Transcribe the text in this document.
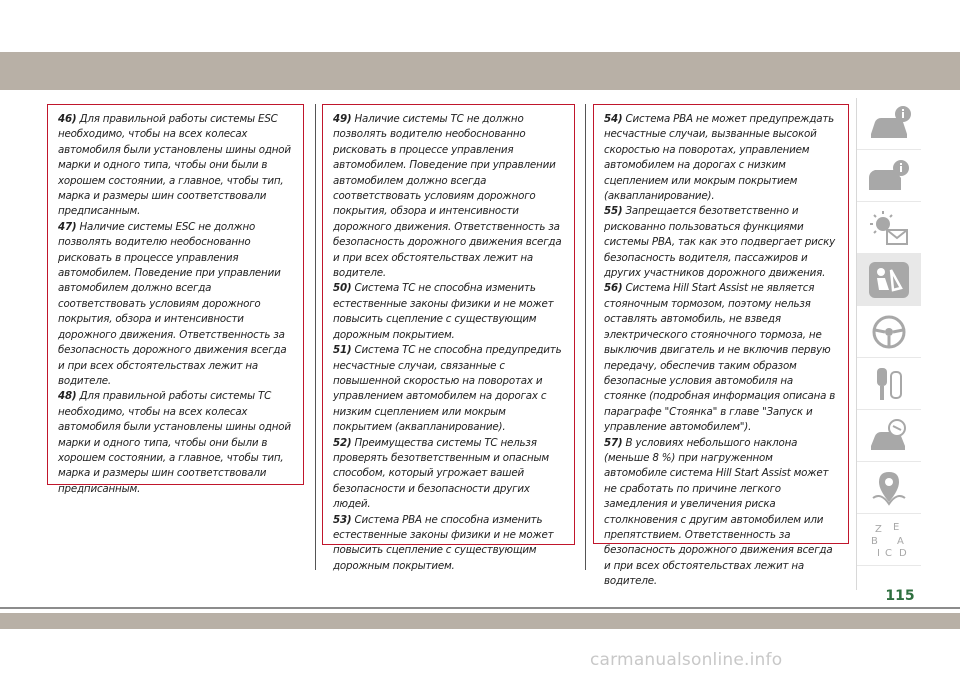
46) Для правильной работы системы ESC необходимо, чтобы на всех колесах автомобиля были установлены шины одной марки и одного типа, чтобы они были в хорошем состоянии, а главное, чтобы тип, марка и размеры шин соответствовали предписанным.

47) Наличие системы ESC не должно позволять водителю необоснованно рисковать в процессе управления автомобилем. Поведение при управлении автомобилем должно всегда соответствовать условиям дорожного покрытия, обзора и интенсивности дорожного движения. Ответственность за безопасность дорожного движения всегда и при всех обстоятельствах лежит на водителе.

48) Для правильной работы системы TC необходимо, чтобы на всех колесах автомобиля были установлены шины одной марки и одного типа, чтобы они были в хорошем состоянии, а главное, чтобы тип, марка и размеры шин соответствовали предписанным.

49) Наличие системы TC не должно позволять водителю необоснованно рисковать в процессе управления автомобилем. Поведение при управлении автомобилем должно всегда соответствовать условиям дорожного покрытия, обзора и интенсивности дорожного движения. Ответственность за безопасность дорожного движения всегда и при всех обстоятельствах лежит на водителе.

50) Система TC не способна изменить естественные законы физики и не может повысить сцепление с существующим дорожным покрытием.

51) Система TC не способна предупредить несчастные случаи, связанные с повышенной скоростью на поворотах и управлением автомобилем на дорогах с низким сцеплением или мокрым покрытием (аквапланирование).

52) Преимущества системы TC нельзя проверять безответственным и опасным способом, который угрожает вашей безопасности и безопасности других людей.

53) Система PBA не способна изменить естественные законы физики и не может повысить сцепление с существующим дорожным покрытием.

54) Система PBA не может предупреждать несчастные случаи, вызванные высокой скоростью на поворотах, управлением автомобилем на дорогах с низким сцеплением или мокрым покрытием (аквапланирование).

55) Запрещается безответственно и рискованно пользоваться функциями системы PBA, так как это подвергает риску безопасность водителя, пассажиров и других участников дорожного движения.

56) Система Hill Start Assist не является стояночным тормозом, поэтому нельзя оставлять автомобиль, не взведя электрического стояночного тормоза, не выключив двигатель и не включив первую передачу, обеспечив таким образом безопасные условия автомобиля на стоянке (подробная информация описана в параграфе "Стоянка" в главе "Запуск и управление автомобилем").

57) В условиях небольшого наклона (меньше 8 %) при нагруженном автомобиле система Hill Start Assist может не сработать по причине легкого замедления и увеличения риска столкновения с другим автомобилем или препятствием. Ответственность за безопасность дорожного движения всегда и при всех обстоятельствах лежит на водителе.

Z E
B A
I C D
115
carmanualsonline.info
